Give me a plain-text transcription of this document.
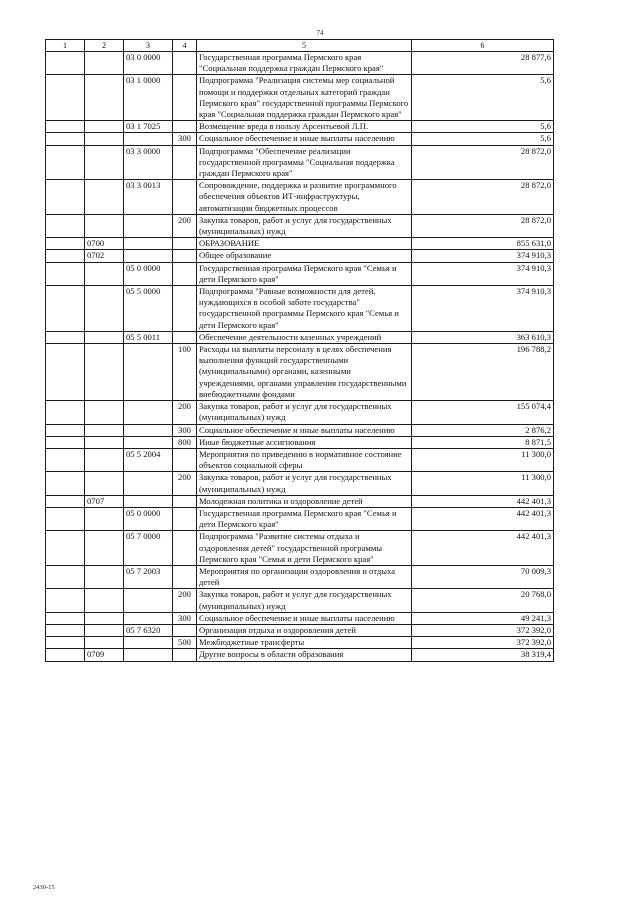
74
1	2	3	4	5	6
		03 0 0000		Государственная программа Пермского края "Социальная поддержка граждан Пермского края"	28 877,6
		03 1 0000		Подпрограмма "Реализация системы мер социальной помощи и поддержки отдельных категорий граждан Пермского края" государственной программы Пермского края "Социальная поддержка граждан Пермского края"	5,6
		03 1 7025		Возмещение вреда в пользу Арсентьевой Л.П.	5,6
			300	Социальное обеспечение и иные выплаты населению	5,6
		03 3 0000		Подпрограмма "Обеспечение реализации государственной программы "Социальная поддержка граждан Пермского края"	28 872,0
		03 3 0013		Сопровождение, поддержка и развитие программного обеспечения объектов ИТ-инфраструктуры, автоматизации бюджетных процессов	28 872,0
			200	Закупка товаров, работ и услуг для государственных (муниципальных) нужд	28 872,0
	0700			ОБРАЗОВАНИЕ	855 631,0
	0702			Общее образование	374 910,3
		05 0 0000		Государственная программа Пермского края "Семья и дети Пермского края"	374 910,3
		05 5 0000		Подпрограмма "Равные возможности для детей, нуждающихся в особой заботе государства" государственной программы Пермского края "Семья и дети Пермского края"	374 910,3
		05 5 0011		Обеспечение деятельности казенных учреждений	363 610,3
			100	Расходы на выплаты персоналу в целях обеспечения выполнения функций государственными (муниципальными) органами, казенными учреждениями, органами управления государственными внебюджетными фондами	196 788,2
			200	Закупка товаров, работ и услуг для государственных (муниципальных) нужд	155 074,4
			300	Социальное обеспечение и иные выплаты населению	2 876,2
			800	Иные бюджетные ассигнования	8 871,5
		05 5 2004		Мероприятия по приведению в нормативное состояние объектов социальной сферы	11 300,0
			200	Закупка товаров, работ и услуг для государственных (муниципальных) нужд	11 300,0
	0707			Молодежная политика и оздоровление детей	442 401,3
		05 0 0000		Государственная программа Пермского края "Семья и дети Пермского края"	442 401,3
		05 7 0000		Подпрограмма "Развитие системы отдыха и оздоровления детей" государственной программы Пермского края "Семья и дети Пермского края"	442 401,3
		05 7 2003		Мероприятия по организации оздоровления и отдыха детей	70 009,3
			200	Закупка товаров, работ и услуг для государственных (муниципальных) нужд	20 768,0
			300	Социальное обеспечение и иные выплаты населению	49 241,3
		05 7 6320		Организация отдыха и оздоровления детей	372 392,0
			500	Межбюджетные трансферты	372 392,0
	0709			Другие вопросы в области образования	38 319,4
2430-15
